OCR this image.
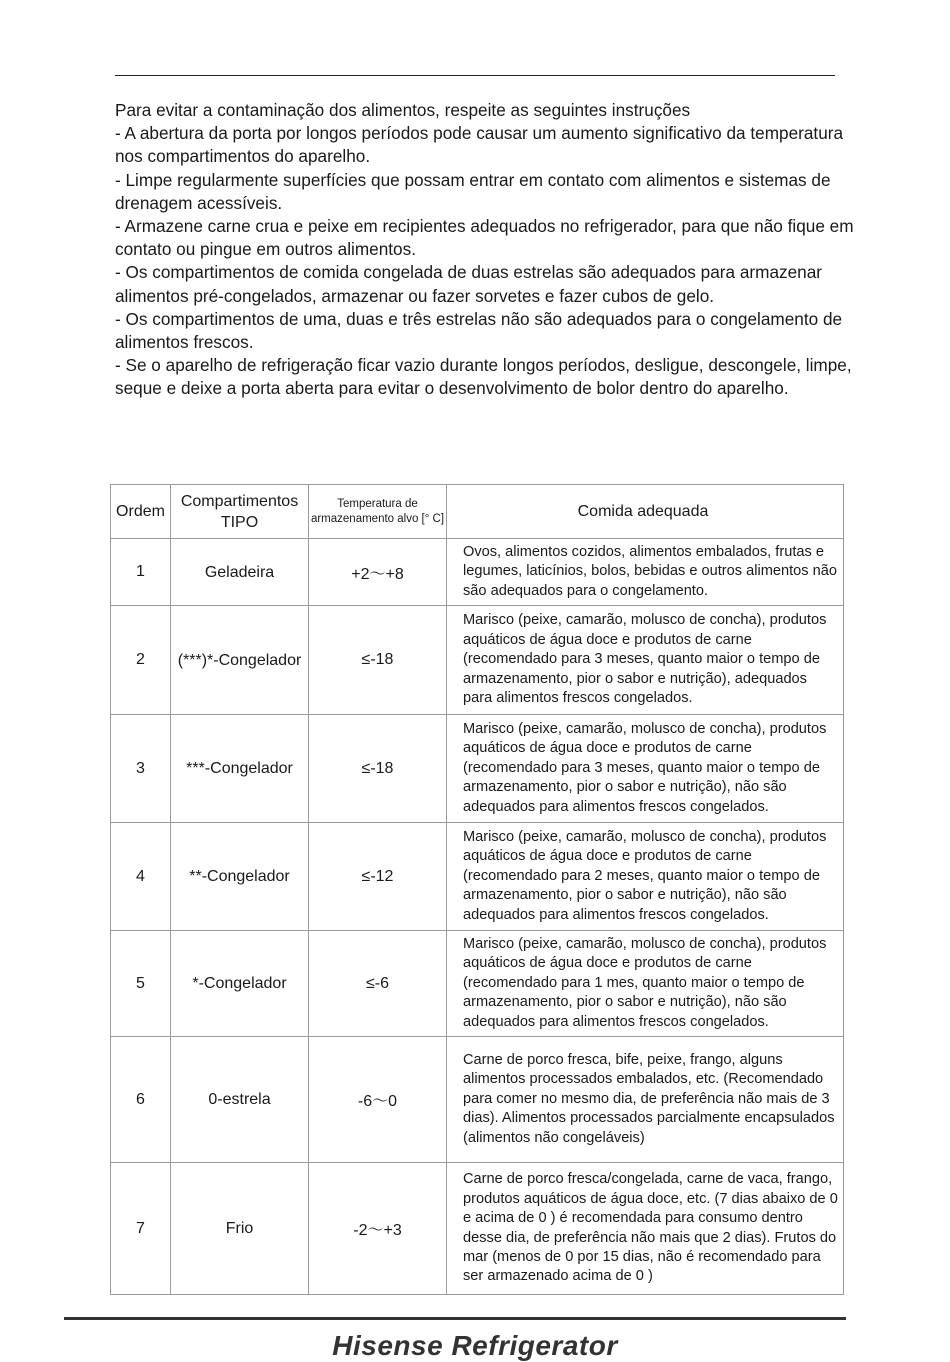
Para evitar a contaminação dos alimentos, respeite as seguintes instruções

- A abertura da porta por longos períodos pode causar um aumento significativo da temperatura nos compartimentos do aparelho.

- Limpe regularmente superfícies que possam entrar em contato com alimentos e sistemas de drenagem acessíveis.

- Armazene carne crua e peixe em recipientes adequados no refrigerador, para que não fique em contato ou pingue em outros alimentos.

- Os compartimentos de comida congelada de duas estrelas são adequados para armazenar alimentos pré-congelados, armazenar ou fazer sorvetes e fazer cubos de gelo.

- Os compartimentos de uma, duas e três estrelas não são adequados para o congelamento de alimentos frescos.

- Se o aparelho de refrigeração ficar vazio durante longos períodos, desligue, descongele, limpe, seque e deixe a porta aberta para evitar o desenvolvimento de bolor dentro do aparelho.

Ordem	Compartimentos TIPO	Temperatura de armazenamento alvo [° C]	Comida adequada
1	Geladeira	+2～+8	Ovos, alimentos cozidos, alimentos embalados, frutas e legumes, laticínios, bolos, bebidas e outros alimentos não são adequados para o congelamento.
2	(***)*-Congelador	≤-18	Marisco (peixe, camarão, molusco de concha), produtos aquáticos de água doce e produtos de carne (recomendado para 3 meses, quanto maior o tempo de armazenamento, pior o sabor e nutrição), adequados para alimentos frescos congelados.
3	***-Congelador	≤-18	Marisco (peixe, camarão, molusco de concha), produtos aquáticos de água doce e produtos de carne (recomendado para 3 meses, quanto maior o tempo de armazenamento, pior o sabor e nutrição), não são adequados para alimentos frescos congelados.
4	**-Congelador	≤-12	Marisco (peixe, camarão, molusco de concha), produtos aquáticos de água doce e produtos de carne (recomendado para 2 meses, quanto maior o tempo de armazenamento, pior o sabor e nutrição), não são adequados para alimentos frescos congelados.
5	*-Congelador	≤-6	Marisco (peixe, camarão, molusco de concha), produtos aquáticos de água doce e produtos de carne (recomendado para 1 mes, quanto maior o tempo de armazenamento, pior o sabor e nutrição), não são adequados para alimentos frescos congelados.
6	0-estrela	-6～0	Carne de porco fresca, bife, peixe, frango, alguns alimentos processados embalados, etc. (Recomendado para comer no mesmo dia, de preferência não mais de 3 dias). Alimentos processados parcialmente encapsulados (alimentos não congeláveis)
7	Frio	-2～+3	Carne de porco fresca/congelada, carne de vaca, frango, produtos aquáticos de água doce, etc. (7 dias abaixo de 0 e acima de 0 ) é recomendada para consumo dentro desse dia, de preferência não mais que 2 dias). Frutos do mar (menos de 0 por 15 dias, não é recomendado para ser armazenado acima de 0 )
Hisense Refrigerator
